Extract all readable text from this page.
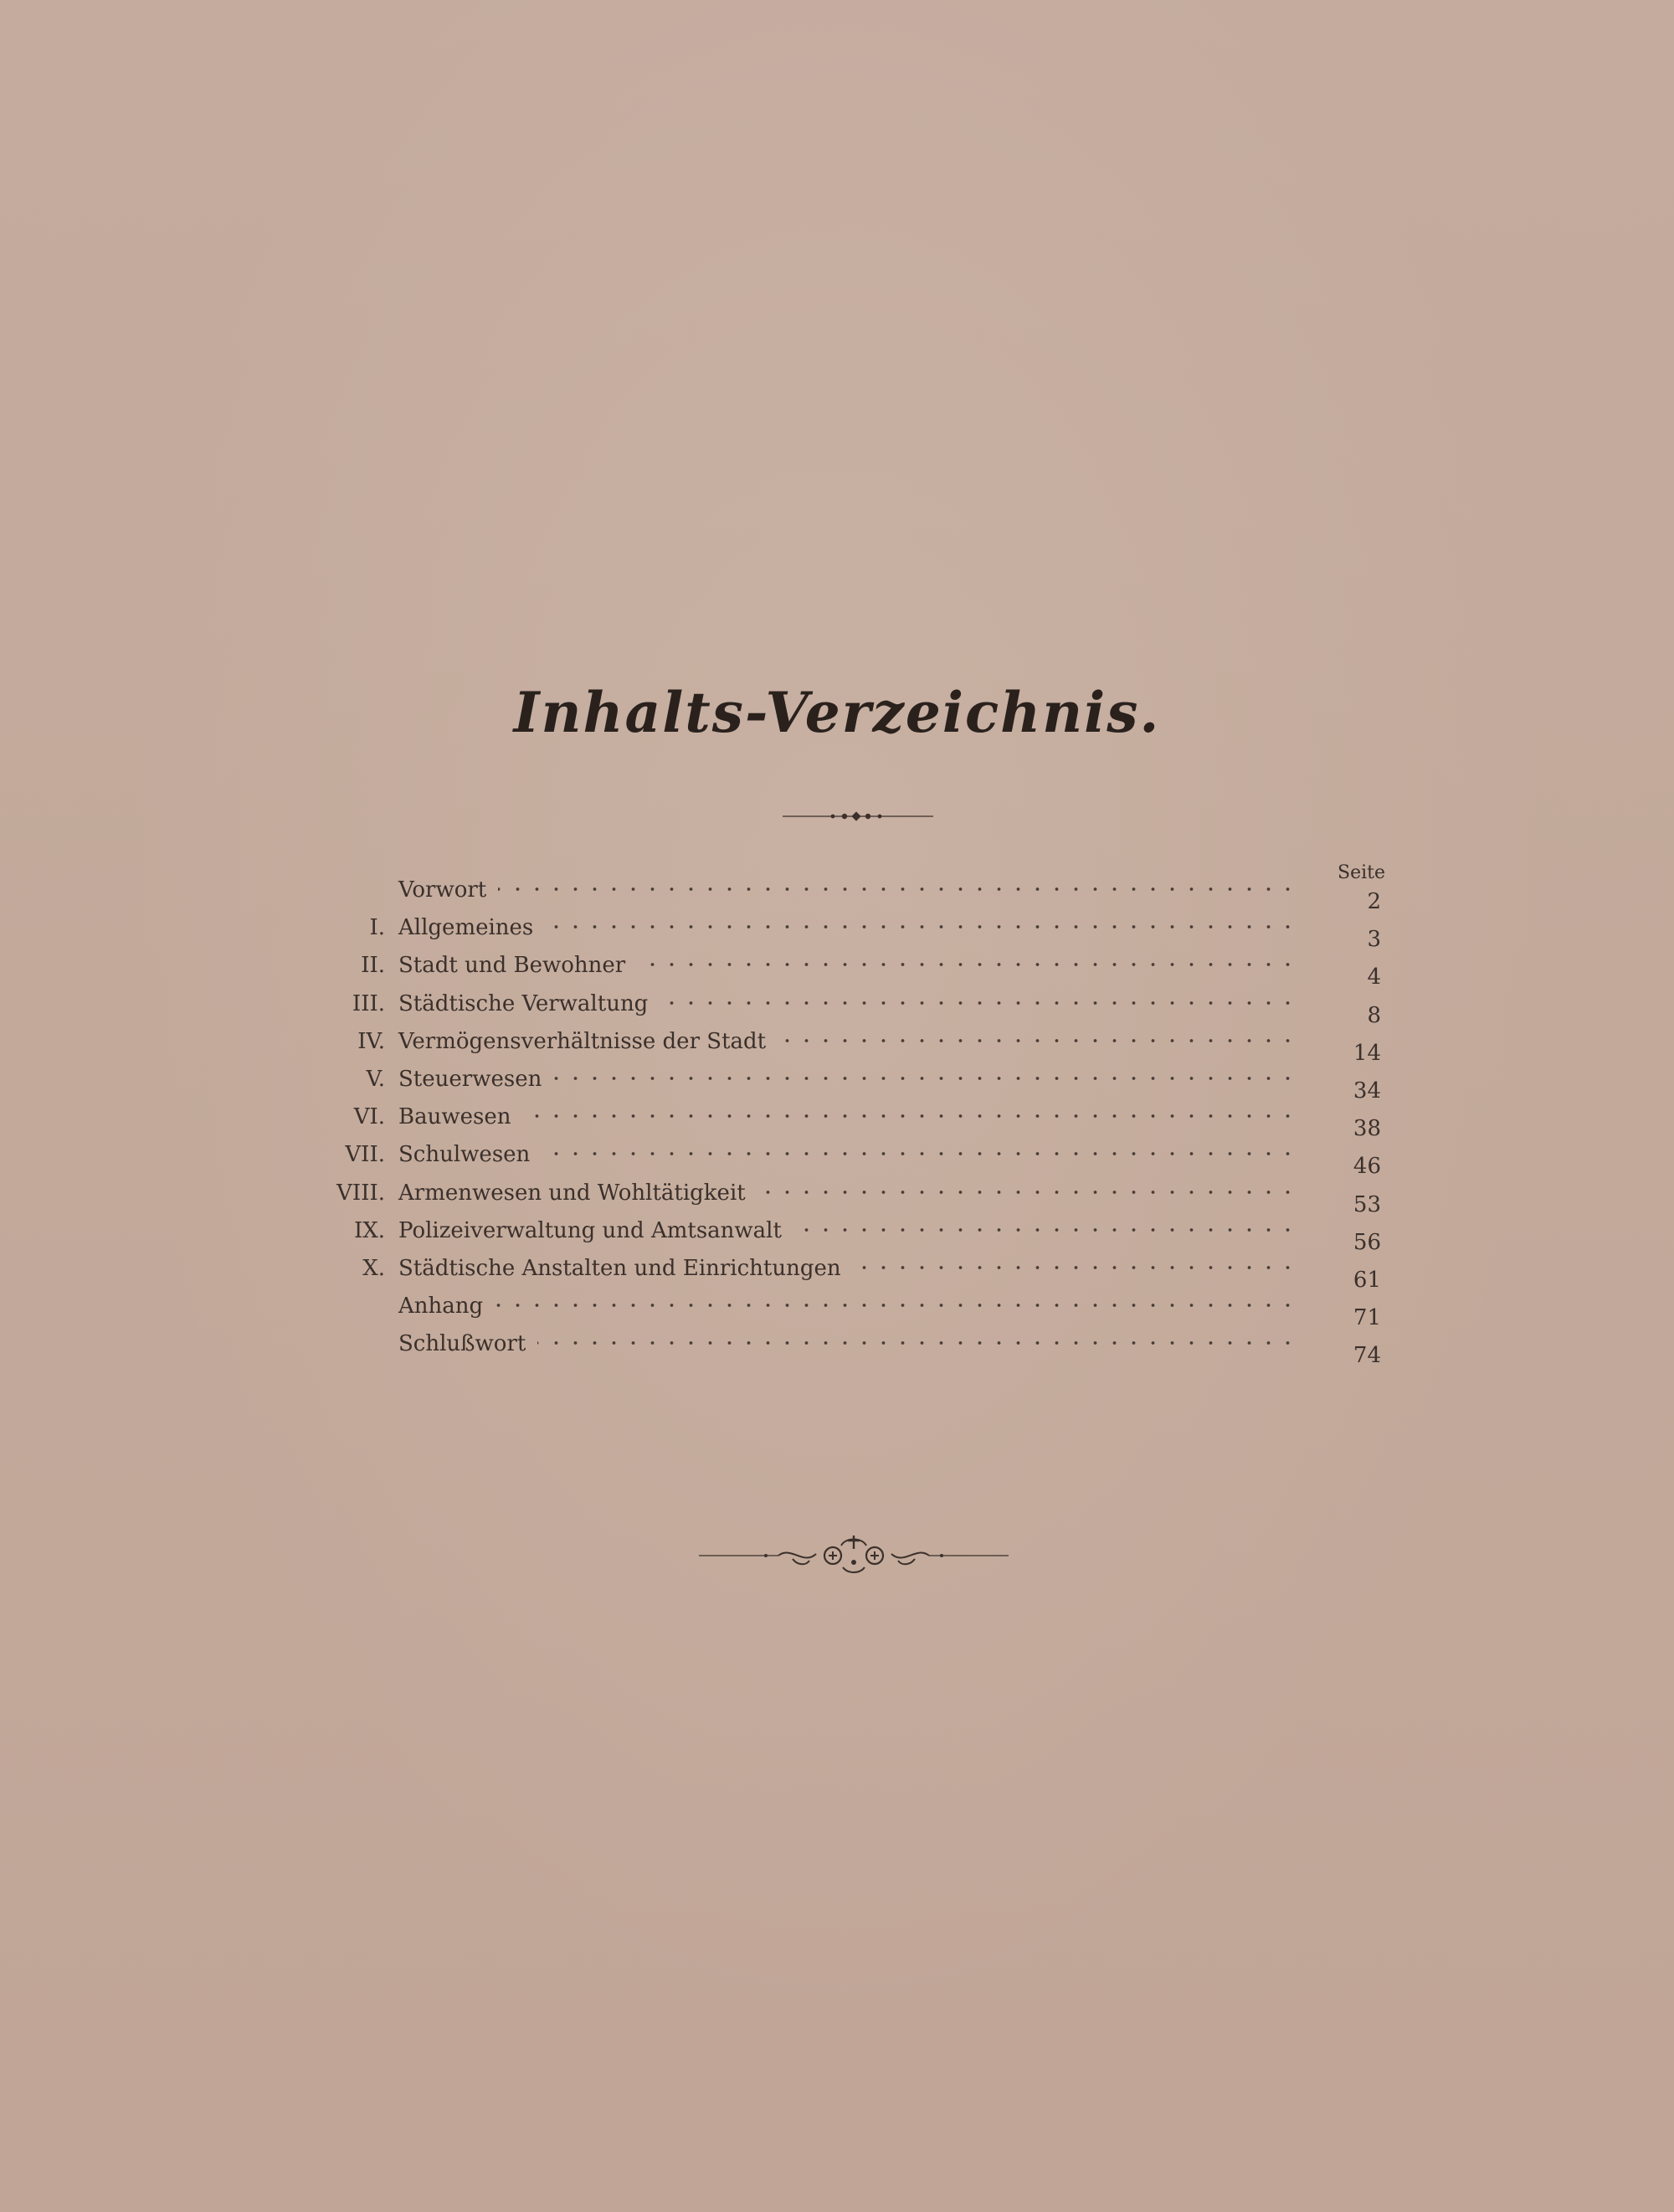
Inhalts-Verzeichnis.
Seite
Vorwort	2
I. Allgemeines	3
II. Stadt und Bewohner	4
III. Städtische Verwaltung	8
IV. Vermögensverhältnisse der Stadt	14
V. Steuerwesen	34
VI. Bauwesen	38
VII. Schulwesen	46
VIII. Armenwesen und Wohltätigkeit	53
IX. Polizeiverwaltung und Amtsanwalt	56
X. Städtische Anstalten und Einrichtungen	61
Anhang	71
Schlußwort	74
